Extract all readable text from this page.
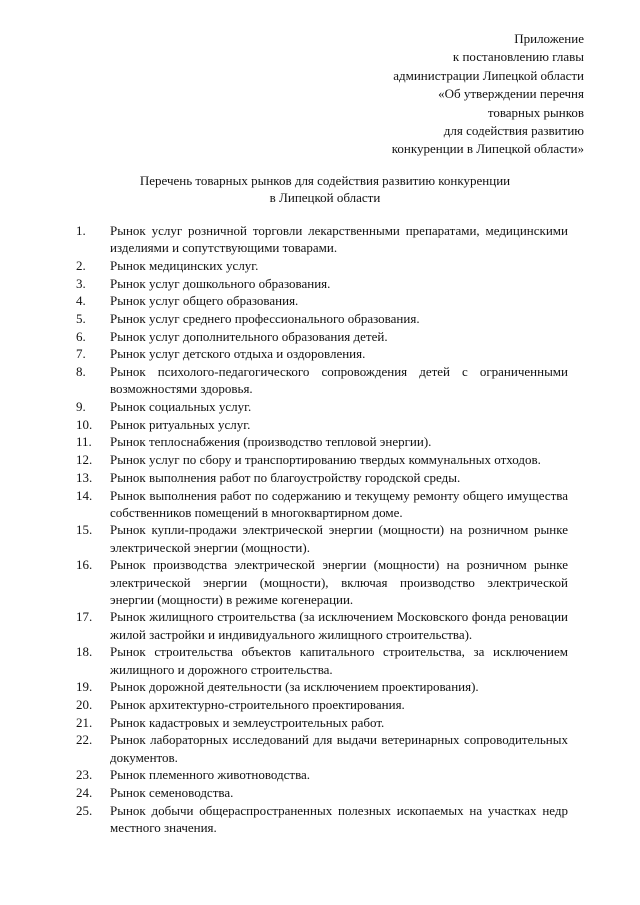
Приложение
к постановлению главы
администрации Липецкой области
«Об утверждении перечня
товарных рынков
для содействия развитию
конкуренции в Липецкой области»
Перечень товарных рынков для содействия развитию конкуренции
в Липецкой области
1.	Рынок услуг розничной торговли лекарственными препаратами, медицинскими изделиями и сопутствующими товарами.
2.	Рынок медицинских услуг.
3.	Рынок услуг дошкольного образования.
4.	Рынок услуг общего образования.
5.	Рынок услуг среднего профессионального образования.
6.	Рынок услуг дополнительного образования детей.
7.	Рынок услуг детского отдыха и оздоровления.
8.	Рынок психолого-педагогического сопровождения детей с ограниченными возможностями здоровья.
9.	Рынок социальных услуг.
10.	Рынок ритуальных услуг.
11.	Рынок теплоснабжения (производство тепловой энергии).
12.	Рынок услуг по сбору и транспортированию твердых коммунальных отходов.
13.	Рынок выполнения работ по благоустройству городской среды.
14.	Рынок выполнения работ по содержанию и текущему ремонту общего имущества собственников помещений в многоквартирном доме.
15.	Рынок купли-продажи электрической энергии (мощности) на розничном рынке электрической энергии (мощности).
16.	Рынок производства электрической энергии (мощности) на розничном рынке электрической энергии (мощности), включая производство электрической энергии (мощности) в режиме когенерации.
17.	Рынок жилищного строительства (за исключением Московского фонда реновации жилой застройки и индивидуального жилищного строительства).
18.	Рынок строительства объектов капитального строительства, за исключением жилищного и дорожного строительства.
19.	Рынок дорожной деятельности (за исключением проектирования).
20.	Рынок архитектурно-строительного проектирования.
21.	Рынок кадастровых и землеустроительных работ.
22.	Рынок лабораторных исследований для выдачи ветеринарных сопроводительных документов.
23.	Рынок племенного животноводства.
24.	Рынок семеноводства.
25.	Рынок добычи общераспространенных полезных ископаемых на участках недр местного значения.
